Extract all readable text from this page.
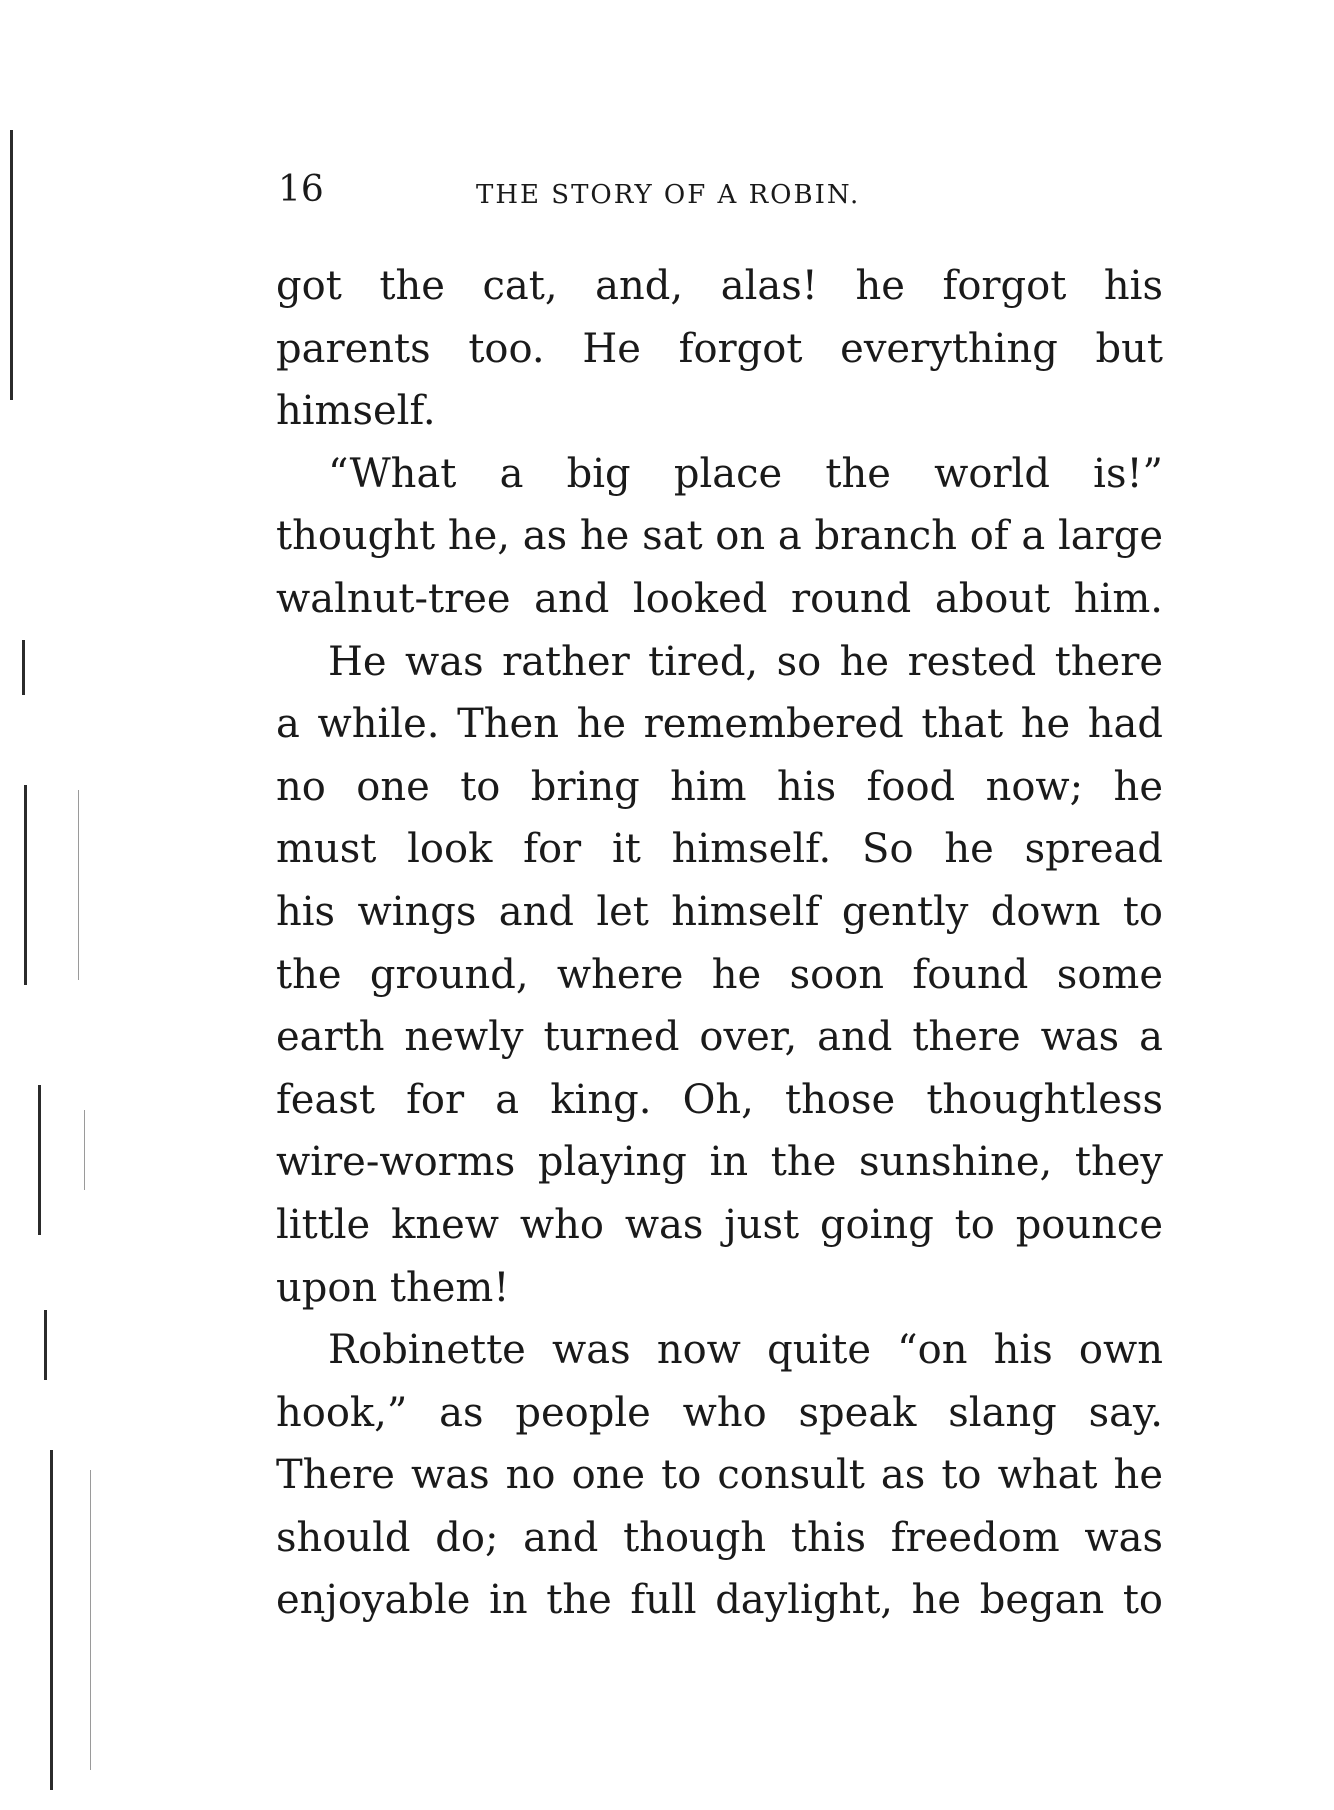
16	THE STORY OF A ROBIN.
got the cat, and, alas! he forgot his
parents too. He forgot everything but
himself.
“What a big place the world is!”
thought he, as he sat on a branch of a large
walnut-tree and looked round about him.
He was rather tired, so he rested there
a while. Then he remembered that he had
no one to bring him his food now; he
must look for it himself. So he spread
his wings and let himself gently down to
the ground, where he soon found some
earth newly turned over, and there was a
feast for a king. Oh, those thoughtless
wire-worms playing in the sunshine, they
little knew who was just going to pounce
upon them!
Robinette was now quite “on his own
hook,” as people who speak slang say.
There was no one to consult as to what he
should do; and though this freedom was
enjoyable in the full daylight, he began to
